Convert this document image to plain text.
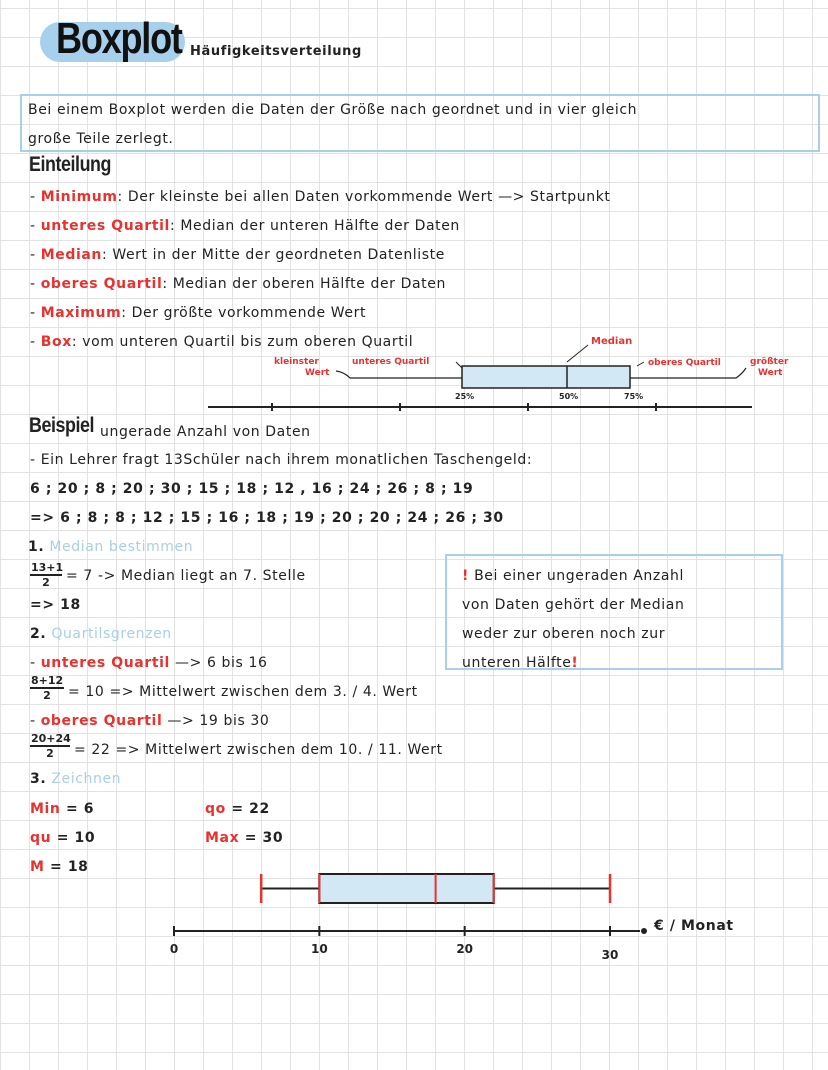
Boxplot Häufigkeitsverteilung
Bei einem Boxplot werden die Daten der Größe nach geordnet und in vier gleich
große Teile zerlegt.
Einteilung
- Minimum: Der kleinste bei allen Daten vorkommende Wert —> Startpunkt
- unteres Quartil: Median der unteren Hälfte der Daten
- Median: Wert in der Mitte der geordneten Datenliste
- oberes Quartil: Median der oberen Hälfte der Daten
- Maximum: Der größte vorkommende Wert
- Box: vom unteren Quartil bis zum oberen Quartil	Median
kleinster
Wert
unteres Quartil	oberes Quartil	größter
Wert
25%	50%	75%
Beispiel ungerade Anzahl von Daten
- Ein Lehrer fragt 13Schüler nach ihrem monatlichen Taschengeld:
6 ; 20 ; 8 ; 20 ; 30 ; 15 ; 18 ; 12 , 16 ; 24 ; 26 ; 8 ; 19
=> 6 ; 8 ; 8 ; 12 ; 15 ; 16 ; 18 ; 19 ; 20 ; 20 ; 24 ; 26 ; 30
1. Median bestimmen
$\frac{13+1}{2} = 7$ -> Median liegt an 7. Stelle
=> 18
2. Quartilsgrenzen
- unteres Quartil —> 6 bis 16
$\frac{8+12}{2} = 10$ => Mittelwert zwischen dem 3. / 4. Wert
- oberes Quartil —> 19 bis 30
$\frac{20+24}{2} = 22$ => Mittelwert zwischen dem 10. / 11. Wert
3. Zeichnen
Min = 6
qu = 10
M = 18
qo = 22
Max = 30
! Bei einer ungeraden Anzahl
von Daten gehört der Median
weder zur oberen noch zur
unteren Hälfte!
0	10	20	30
€ / Monat
